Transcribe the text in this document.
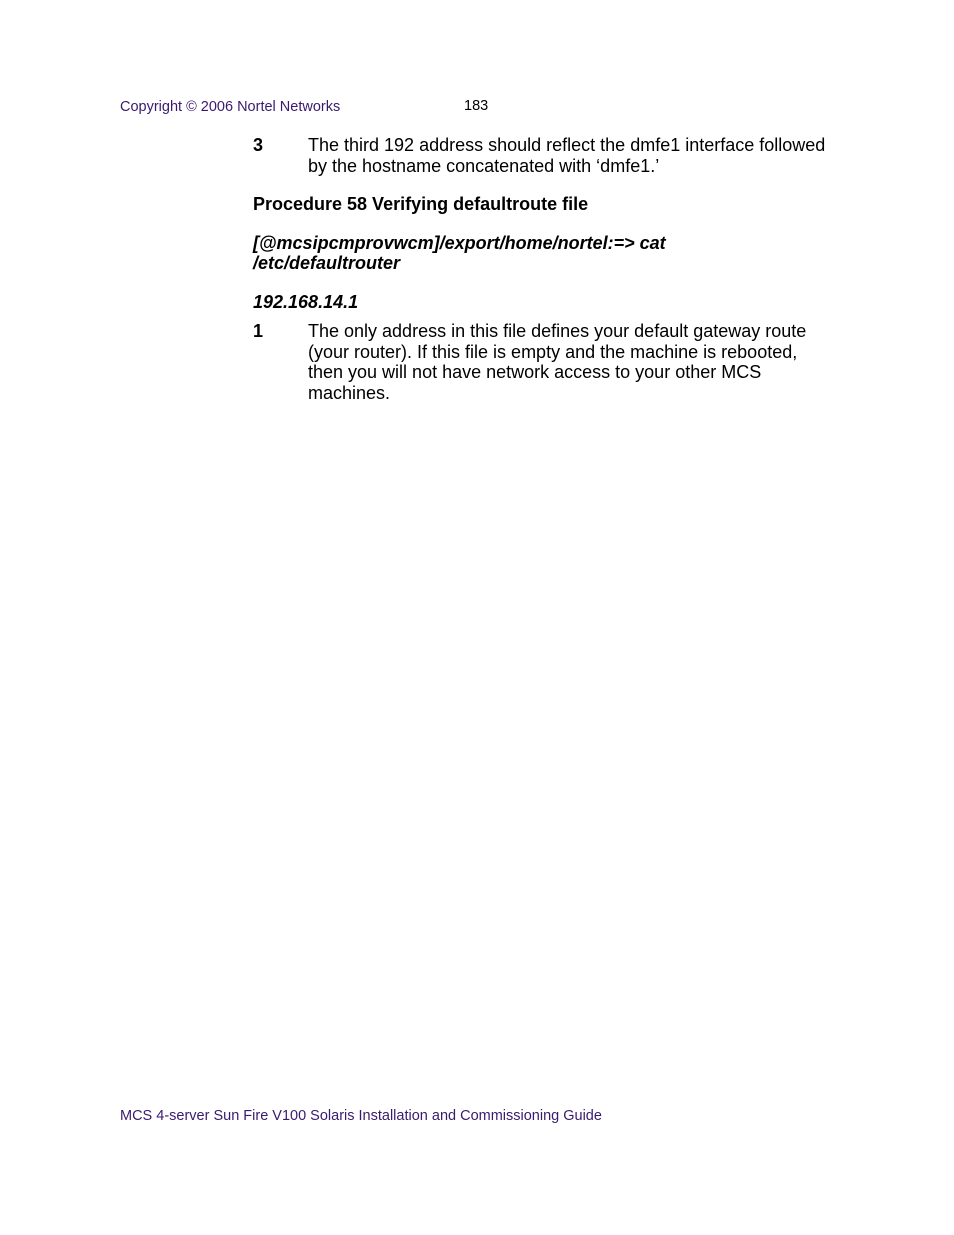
Copyright © 2006 Nortel Networks	183
3	The third 192 address should reflect the dmfe1 interface followed
by the hostname concatenated with ‘dmfe1.’
Procedure 58 Verifying defaultroute file
[@mcsipcmprovwcm]/export/home/nortel:=> cat
/etc/defaultrouter
192.168.14.1
1	The only address in this file defines your default gateway route
(your router). If this file is empty and the machine is rebooted,
then you will not have network access to your other MCS
machines.
MCS 4-server Sun Fire V100 Solaris Installation and Commissioning Guide
